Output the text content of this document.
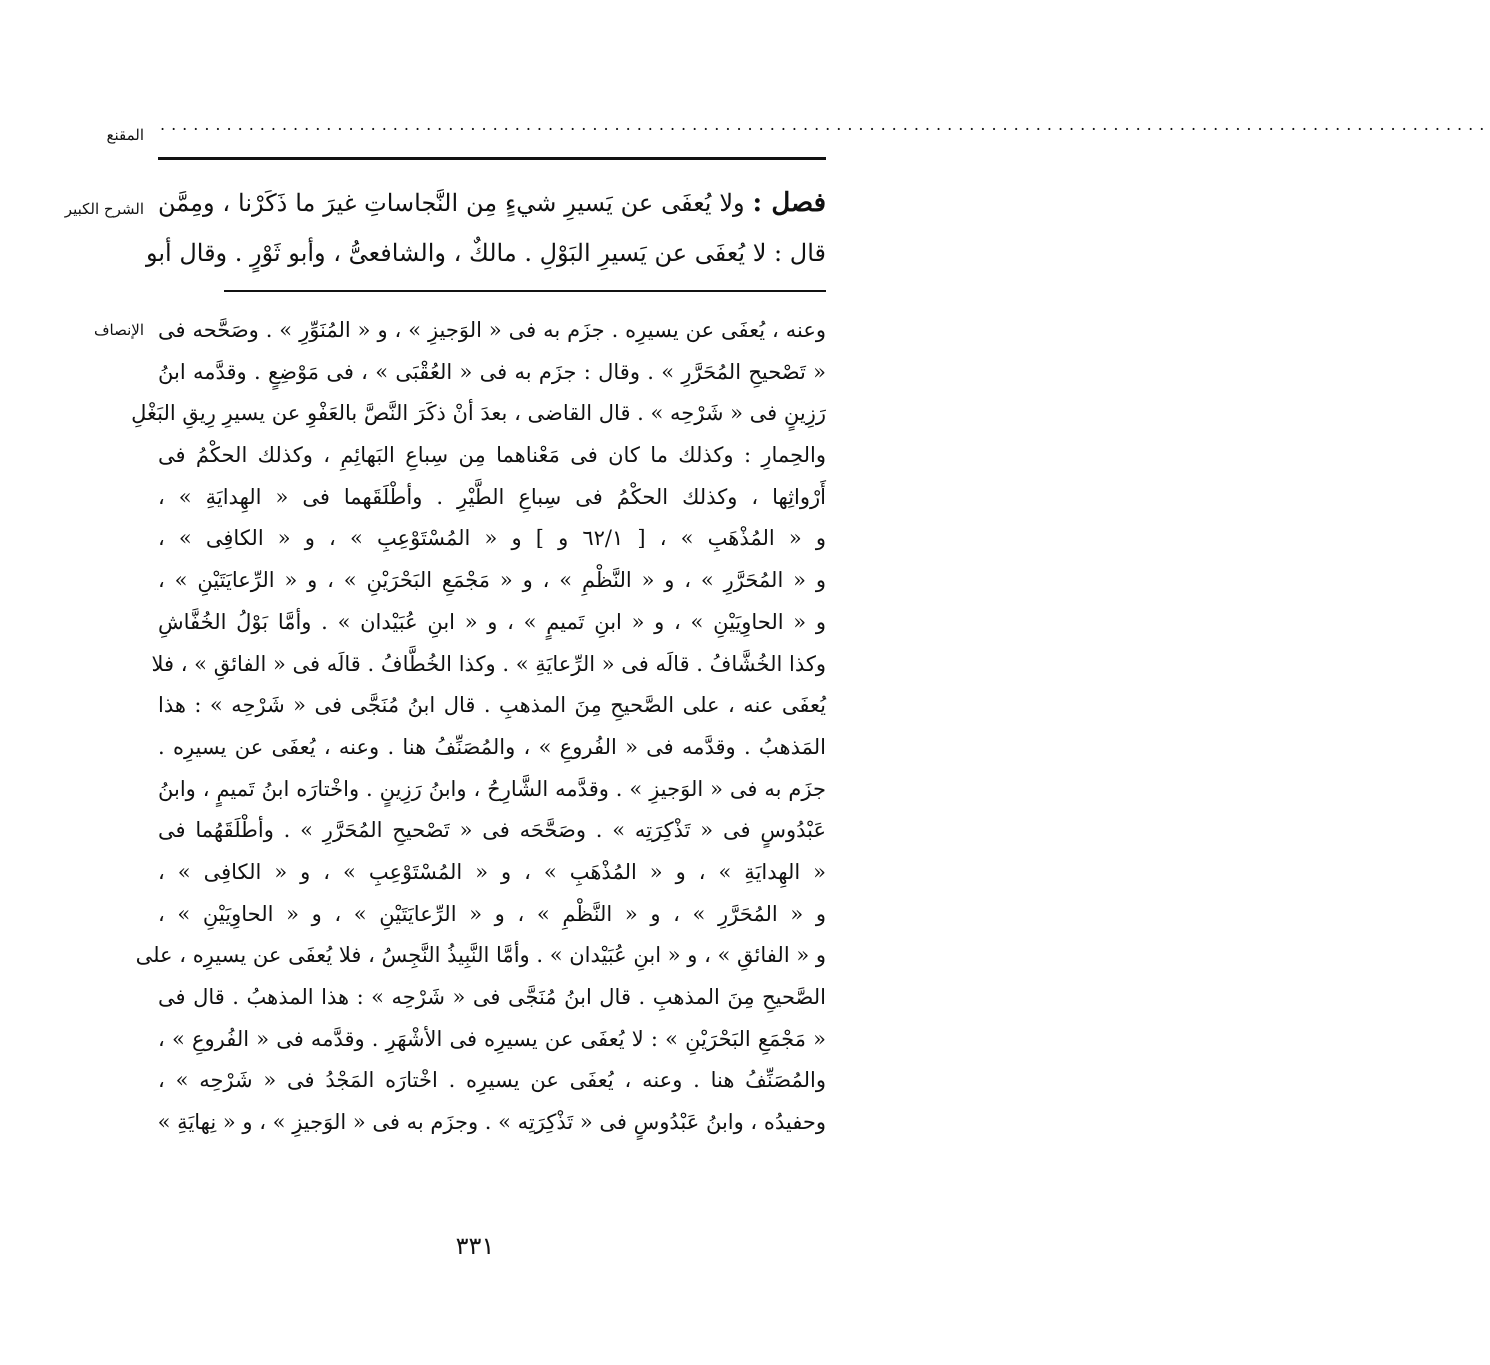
المقنع
........................................................................................................................
الشرح الكبير
الإنصاف
فصل : ولا يُعفَى عن يَسيرِ شيءٍ مِن النَّجاساتِ غيرَ ما ذَكَرْنا ، ومِمَّن
قال : لا يُعفَى عن يَسيرِ البَوْلِ . مالكٌ ، والشافعىُّ ، وأبو ثَوْرٍ . وقال أبو
وعنه ، يُعفَى عن يسيرِه . جزَم به فى « الوَجيزِ » ، و « المُنَوِّرِ » . وصَحَّحه فى
« تَصْحيحِ المُحَرَّرِ » . وقال : جزَم به فى « العُقْبَى » ، فى مَوْضِعٍ . وقدَّمه ابنُ
رَزِينٍ فى « شَرْحِه » . قال القاضى ، بعدَ أنْ ذكَرَ النَّصَّ بالعَفْوِ عن يسيرِ رِيقِ البَغْلِ
والحِمارِ : وكذلك ما كان فى مَعْناهما مِن سِباعِ البَهائِمِ ، وكذلك الحكْمُ فى
أَرْواثِها ، وكذلك الحكْمُ فى سِباعِ الطَّيْرِ . وأطْلَقَهما فى « الهِدايَةِ » ،
و « المُذْهَبِ » ، [ ٦٢/١ و ] و « المُسْتَوْعِبِ » ، و « الكافِى » ،
و « المُحَرَّرِ » ، و « النَّظْمِ » ، و « مَجْمَعِ البَحْرَيْنِ » ، و « الرِّعايَتَيْنِ » ،
و « الحاوِيَيْنِ » ، و « ابنِ تَميمٍ » ، و « ابنِ عُبَيْدان » . وأمَّا بَوْلُ الخُفَّاشِ
وكذا الخُشَّافُ . قالَه فى « الرِّعايَةِ » . وكذا الخُطَّافُ . قالَه فى « الفائقِ » ، فلا
يُعفَى عنه ، على الصَّحيحِ مِنَ المذهبِ . قال ابنُ مُنَجَّى فى « شَرْحِه » : هذا
المَذهبُ . وقدَّمه فى « الفُروعِ » ، والمُصَنِّفُ هنا . وعنه ، يُعفَى عن يسيرِه .
جزَم به فى « الوَجيزِ » . وقدَّمه الشَّارِحُ ، وابنُ رَزِينٍ . واخْتارَه ابنُ تَميمٍ ، وابنُ
عَبْدُوسٍ فى « تَذْكِرَتِه » . وصَحَّحَه فى « تَصْحيحِ المُحَرَّرِ » . وأطْلَقَهُما فى
« الهِدايَةِ » ، و « المُذْهَبِ » ، و « المُسْتَوْعِبِ » ، و « الكافِى » ،
و « المُحَرَّرِ » ، و « النَّظْمِ » ، و « الرِّعايَتَيْنِ » ، و « الحاوِيَيْنِ » ،
و « الفائقِ » ، و « ابنِ عُبَيْدان » . وأمَّا النَّبِيذُ النَّجِسُ ، فلا يُعفَى عن يسيرِه ، على
الصَّحيحِ مِنَ المذهبِ . قال ابنُ مُنَجَّى فى « شَرْحِه » : هذا المذهبُ . قال فى
« مَجْمَعِ البَحْرَيْنِ » : لا يُعفَى عن يسيرِه فى الأشْهَرِ . وقدَّمه فى « الفُروعِ » ،
والمُصَنِّفُ هنا . وعنه ، يُعفَى عن يسيرِه . اخْتارَه المَجْدُ فى « شَرْحِه » ،
وحفيدُه ، وابنُ عَبْدُوسٍ فى « تَذْكِرَتِه » . وجزَم به فى « الوَجيزِ » ، و « نِهايَةِ »
٣٣١
